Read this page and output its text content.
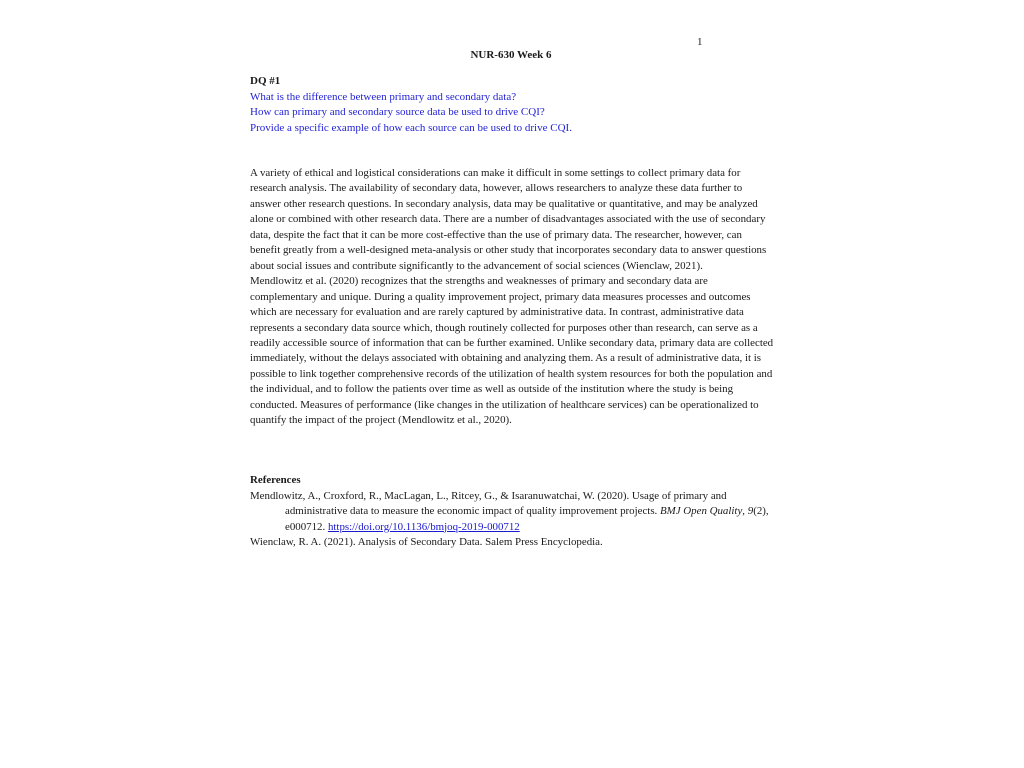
1
NUR-630 Week 6
DQ #1
What is the difference between primary and secondary data?
How can primary and secondary source data be used to drive CQI?
Provide a specific example of how each source can be used to drive CQI.

A variety of ethical and logistical considerations can make it difficult in some settings to collect primary data for research analysis. The availability of secondary data, however, allows researchers to analyze these data further to answer other research questions. In secondary analysis, data may be qualitative or quantitative, and may be analyzed alone or combined with other research data. There are a number of disadvantages associated with the use of secondary data, despite the fact that it can be more cost-effective than the use of primary data. The researcher, however, can benefit greatly from a well-designed meta-analysis or other study that incorporates secondary data to answer questions about social issues and contribute significantly to the advancement of social sciences (Wienclaw, 2021).

Mendlowitz et al. (2020) recognizes that the strengths and weaknesses of primary and secondary data are complementary and unique. During a quality improvement project, primary data measures processes and outcomes which are necessary for evaluation and are rarely captured by administrative data. In contrast, administrative data represents a secondary data source which, though routinely collected for purposes other than research, can serve as a readily accessible source of information that can be further examined. Unlike secondary data, primary data are collected immediately, without the delays associated with obtaining and analyzing them. As a result of administrative data, it is possible to link together comprehensive records of the utilization of health system resources for both the population and the individual, and to follow the patients over time as well as outside of the institution where the study is being conducted. Measures of performance (like changes in the utilization of healthcare services) can be operationalized to quantify the impact of the project (Mendlowitz et al., 2020).

References

Mendlowitz, A., Croxford, R., MacLagan, L., Ritcey, G., & Isaranuwatchai, W. (2020). Usage of primary and administrative data to measure the economic impact of quality improvement projects. BMJ Open Quality, 9(2), e000712. https://doi.org/10.1136/bmjoq-2019-000712

Wienclaw, R. A. (2021). Analysis of Secondary Data. Salem Press Encyclopedia.
